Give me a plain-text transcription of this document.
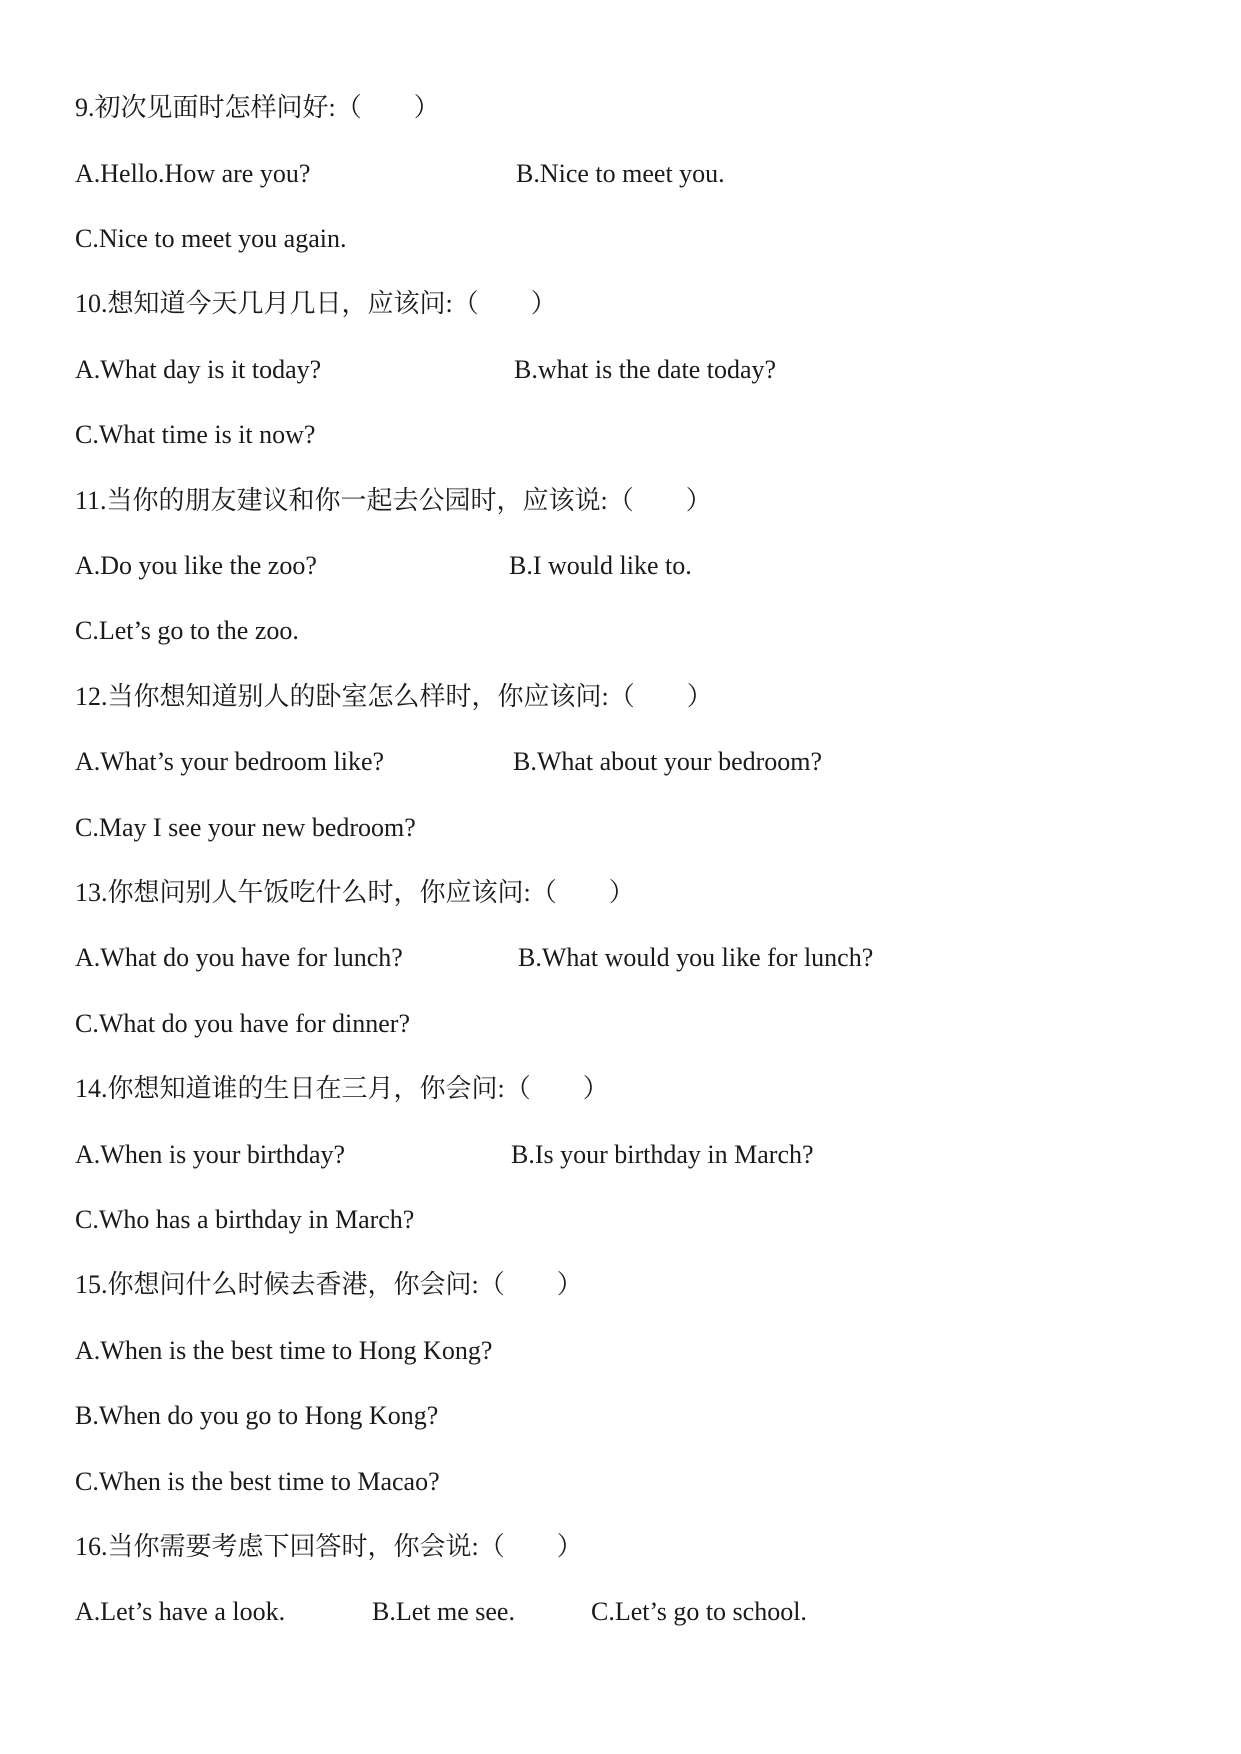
9.初次见面时怎样问好:（　　）
A.Hello.How are you?	B.Nice to meet you.
C.Nice to meet you again.
10.想知道今天几月几日，应该问:（　　）
A.What day is it today?	B.what is the date today?
C.What time is it now?
11.当你的朋友建议和你一起去公园时，应该说:（　　）
A.Do you like the zoo?	B.I would like to.
C.Let’s go to the zoo.
12.当你想知道别人的卧室怎么样时，你应该问:（　　）
A.What’s your bedroom like?	B.What about your bedroom?
C.May I see your new bedroom?
13.你想问别人午饭吃什么时，你应该问:（　　）
A.What do you have for lunch?	B.What would you like for lunch?
C.What do you have for dinner?
14.你想知道谁的生日在三月，你会问:（　　）
A.When is your birthday?	B.Is your birthday in March?
C.Who has a birthday in March?
15.你想问什么时候去香港，你会问:（　　）
A.When is the best time to Hong Kong?
B.When do you go to Hong Kong?
C.When is the best time to Macao?
16.当你需要考虑下回答时，你会说:（　　）
A.Let’s have a look.	B.Let me see.	C.Let’s go to school.
